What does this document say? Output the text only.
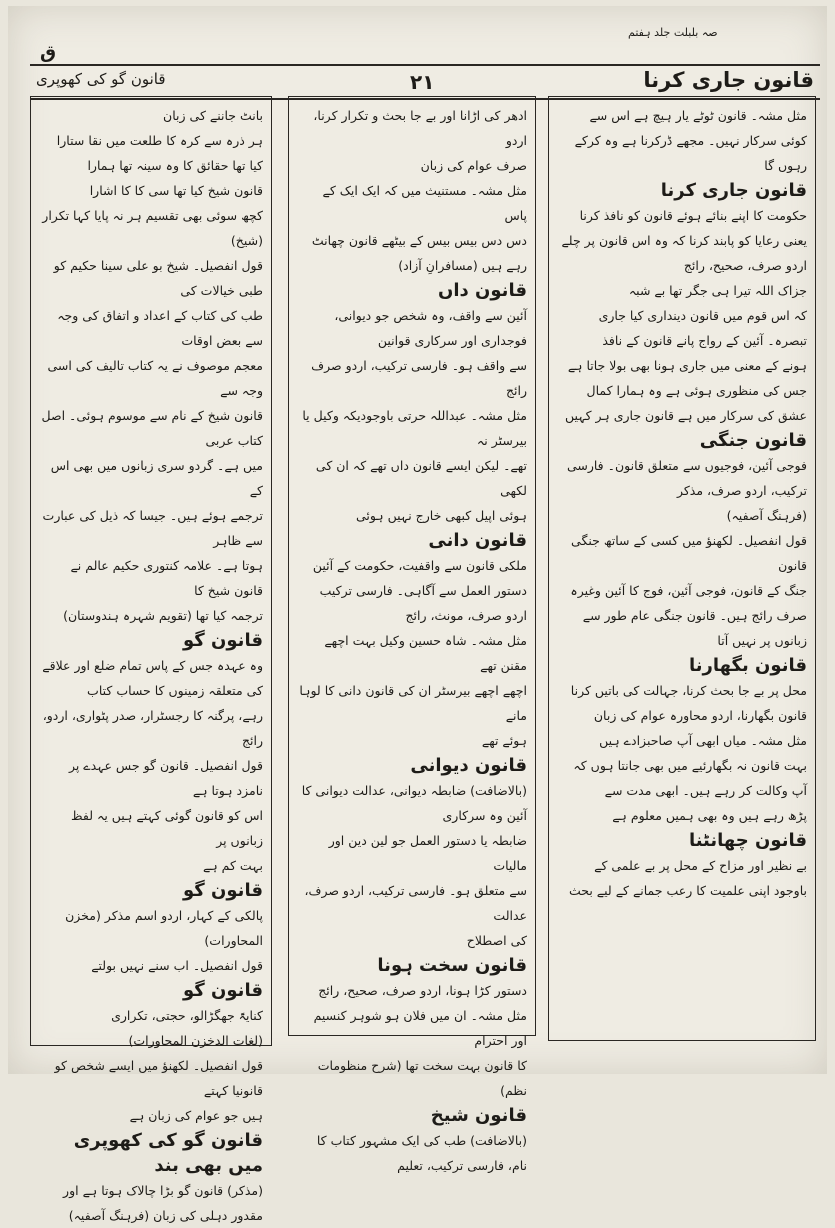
صہ بلبلت جلد ہفتم
ق
قانون جاری کرنا
۲۱
قانون گو کی کھوپری

مثل مشہ۔ قانون ٹوٹے یار ہیچ ہے اس سے

کوئی سرکار نہیں۔ مجھے ڈرکرنا ہے وہ کرکے رہوں گا

قانون جاری کرنا

حکومت کا اپنے بنائے ہوئے قانون کو نافذ کرنا

یعنی رعایا کو پابند کرنا کہ وہ اس قانون پر چلے

اردو صرف، صحیح، رائج

جزاک اللہ تیرا ہی جگر تھا بے شبہ

کہ اس قوم میں قانون دینداری کیا جاری

تبصرہ۔ آئین کے رواج پانے قانون کے نافذ

ہونے کے معنی میں جاری ہونا بھی بولا جاتا ہے

جس کی منظوری ہوئی ہے وہ ہمارا کمال

عشق کی سرکار میں ہے قانون جاری ہر کہیں

قانون جنگی

فوجی آئین، فوجیوں سے متعلق قانون۔ فارسی ترکیب، اردو صرف، مذکر

(فرہنگ آصفیہ)

قول انفصیل۔ لکھنؤ میں کسی کے ساتھ جنگی قانون

جنگ کے قانون، فوجی آئین، فوج کا آئین وغیرہ

صرف رائج ہیں۔ قانون جنگی عام طور سے

زبانوں پر نہیں آتا

قانون بگھارنا

محل پر بے جا بحث کرنا، جہالت کی باتیں کرنا

قانون بگھارنا، اردو محاورہ عوام کی زبان

مثل مشہ۔ میاں ابھی آپ صاحبزادے ہیں

بہت قانون نہ بگھارئیے میں بھی جانتا ہوں کہ

آپ وکالت کر رہے ہیں۔ ابھی مدت سے

پڑھ رہے ہیں وہ بھی ہمیں معلوم ہے

قانون چھانٹنا

بے نظیر اور مزاح کے محل پر بے علمی کے

باوجود اپنی علمیت کا رعب جمانے کے لیے بحث

ادھر کی اڑانا اور بے جا بحث و تکرار کرنا، اردو

صرف عوام کی زبان

مثل مشہ۔ مستنیث میں کہ ایک ایک کے پاس

دس دس بیس بیس کے بیٹھے قانون چھانٹ

رہے ہیں (مسافرانِ آزاد)

قانون داں

آئین سے واقف، وہ شخص جو دیوانی، فوجداری اور سرکاری قوانین

سے واقف ہو۔ فارسی ترکیب، اردو صرف

رائج

مثل مشہ۔ عبداللہ حرتی باوجودیکہ وکیل یا بیرسٹر نہ

تھے۔ لیکن ایسے قانون داں تھے کہ ان کی لکھی

ہوئی اپیل کبھی خارج نہیں ہوئی

قانون دانی

ملکی قانون سے واقفیت، حکومت کے آئین دستور العمل سے آگاہی۔ فارسی ترکیب

اردو صرف، مونث، رائج

مثل مشہ۔ شاہ حسین وکیل بہت اچھے مقنن تھے

اچھے اچھے بیرسٹر ان کی قانون دانی کا لوہا مانے

ہوئے تھے

قانون دیوانی

(بالاضافت) ضابطہ دیوانی، عدالت دیوانی کا آئین وہ سرکاری

ضابطہ یا دستور العمل جو لین دین اور مالیات

سے متعلق ہو۔ فارسی ترکیب، اردو صرف، عدالت

کی اصطلاح

قانون سخت ہونا

دستور کڑا ہونا، اردو صرف، صحیح، رائج

مثل مشہ۔ ان میں فلان ہو شوہر کنسیم اور احترام

کا قانون بہت سخت تھا (شرح منظومات نظم)

قانون شیخ

(بالاضافت) طب کی ایک مشہور کتاب کا نام، فارسی ترکیب، تعلیم

بانٹ جاننے کی زبان

ہر ذرہ سے کرہ کا طلعت میں نقا ستارا

کیا تھا حقائق کا وہ سینہ تھا ہمارا

قانون شیخ کیا تھا سی کا کا اشارا

کچھ سوئی بھی تقسیم ہر نہ پایا کہا تکرار (شیخ)

قول انفصیل۔ شیخ بو علی سینا حکیم کو طبی خیالات کی

طب کی کتاب کے اعداد و اتفاق کی وجہ سے بعض اوقات

معجم موصوف نے یہ کتاب تالیف کی اسی وجہ سے

قانون شیخ کے نام سے موسوم ہوئی۔ اصل کتاب عربی

میں ہے۔ گردو سری زبانوں میں بھی اس کے

ترجمے ہوئے ہیں۔ جیسا کہ ذیل کی عبارت سے ظاہر

ہوتا ہے۔ علامہ کنتوری حکیم عالم نے قانون شیخ کا

ترجمہ کیا تھا (تقویم شہرہ ہندوستان)

قانون گو

وہ عہدہ جس کے پاس تمام ضلع اور علاقے کی متعلقہ زمینوں کا حساب کتاب

رہے، پرگنہ کا رجسٹرار، صدر پٹواری، اردو، رائج

قول انفصیل۔ قانون گو جس عہدے پر نامزد ہوتا ہے

اس کو قانون گوئی کہتے ہیں یہ لفظ زبانوں پر

بہت کم ہے

قانون گو

پالکی کے کہار، اردو اسم مذکر (مخزن المحاورات)

قول انفصیل۔ اب سنے نہیں بولتے

قانون گو

کنایۃً جھگڑالو، حجتی، تکراری

(لغات الدخزن المحاورات)

قول انفصیل۔ لکھنؤ میں ایسے شخص کو قانونیا کہتے

ہیں جو عوام کی زبان ہے

قانون گو کی کھوپری میں بھی بند

(مذکر) قانون گو بڑا چالاک ہوتا ہے اور مقدور دہلی کی زبان (فرہنگ آصفیہ)
